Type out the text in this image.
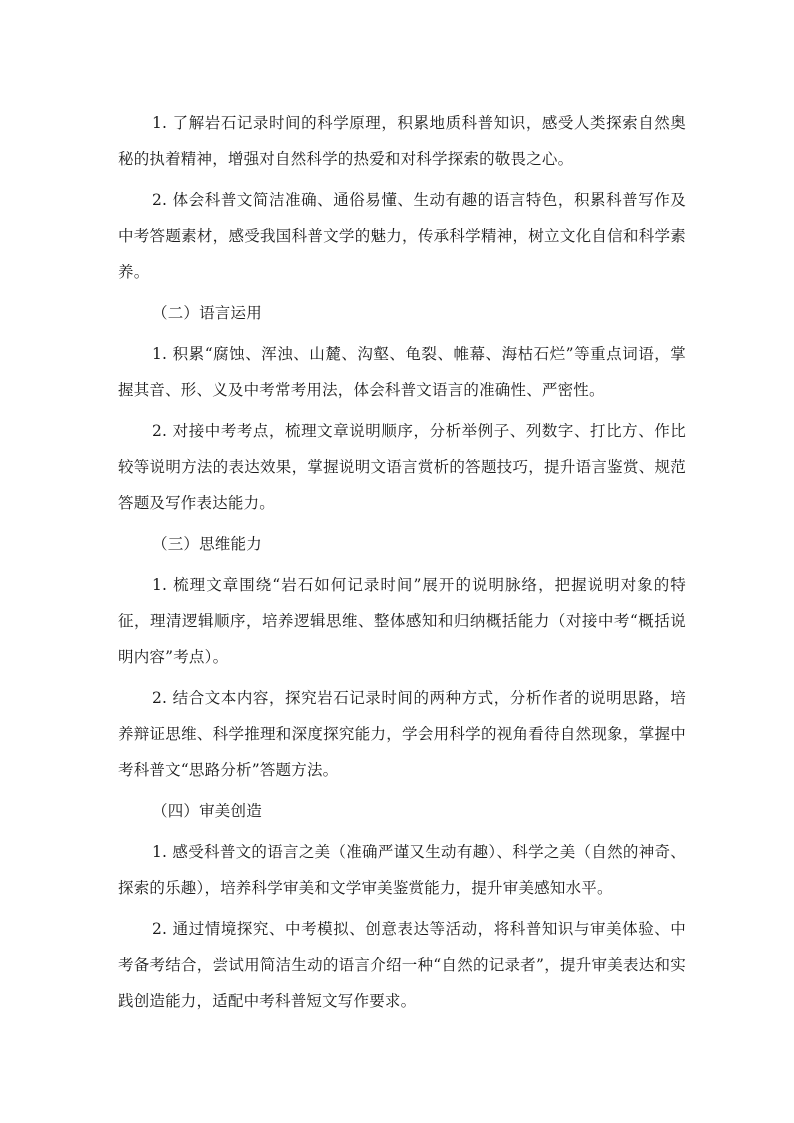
1. 了解岩石记录时间的科学原理，积累地质科普知识，感受人类探索自然奥秘的执着精神，增强对自然科学的热爱和对科学探索的敬畏之心。

2. 体会科普文简洁准确、通俗易懂、生动有趣的语言特色，积累科普写作及中考答题素材，感受我国科普文学的魅力，传承科学精神，树立文化自信和科学素养。

（二）语言运用

1. 积累“腐蚀、浑浊、山麓、沟壑、龟裂、帷幕、海枯石烂”等重点词语，掌握其音、形、义及中考常考用法，体会科普文语言的准确性、严密性。

2. 对接中考考点，梳理文章说明顺序，分析举例子、列数字、打比方、作比较等说明方法的表达效果，掌握说明文语言赏析的答题技巧，提升语言鉴赏、规范答题及写作表达能力。

（三）思维能力

1. 梳理文章围绕“岩石如何记录时间”展开的说明脉络，把握说明对象的特征，理清逻辑顺序，培养逻辑思维、整体感知和归纳概括能力（对接中考“概括说明内容”考点）。

2. 结合文本内容，探究岩石记录时间的两种方式，分析作者的说明思路，培养辩证思维、科学推理和深度探究能力，学会用科学的视角看待自然现象，掌握中考科普文“思路分析”答题方法。

（四）审美创造

1. 感受科普文的语言之美（准确严谨又生动有趣）、科学之美（自然的神奇、探索的乐趣），培养科学审美和文学审美鉴赏能力，提升审美感知水平。

2. 通过情境探究、中考模拟、创意表达等活动，将科普知识与审美体验、中考备考结合，尝试用简洁生动的语言介绍一种“自然的记录者”，提升审美表达和实践创造能力，适配中考科普短文写作要求。
